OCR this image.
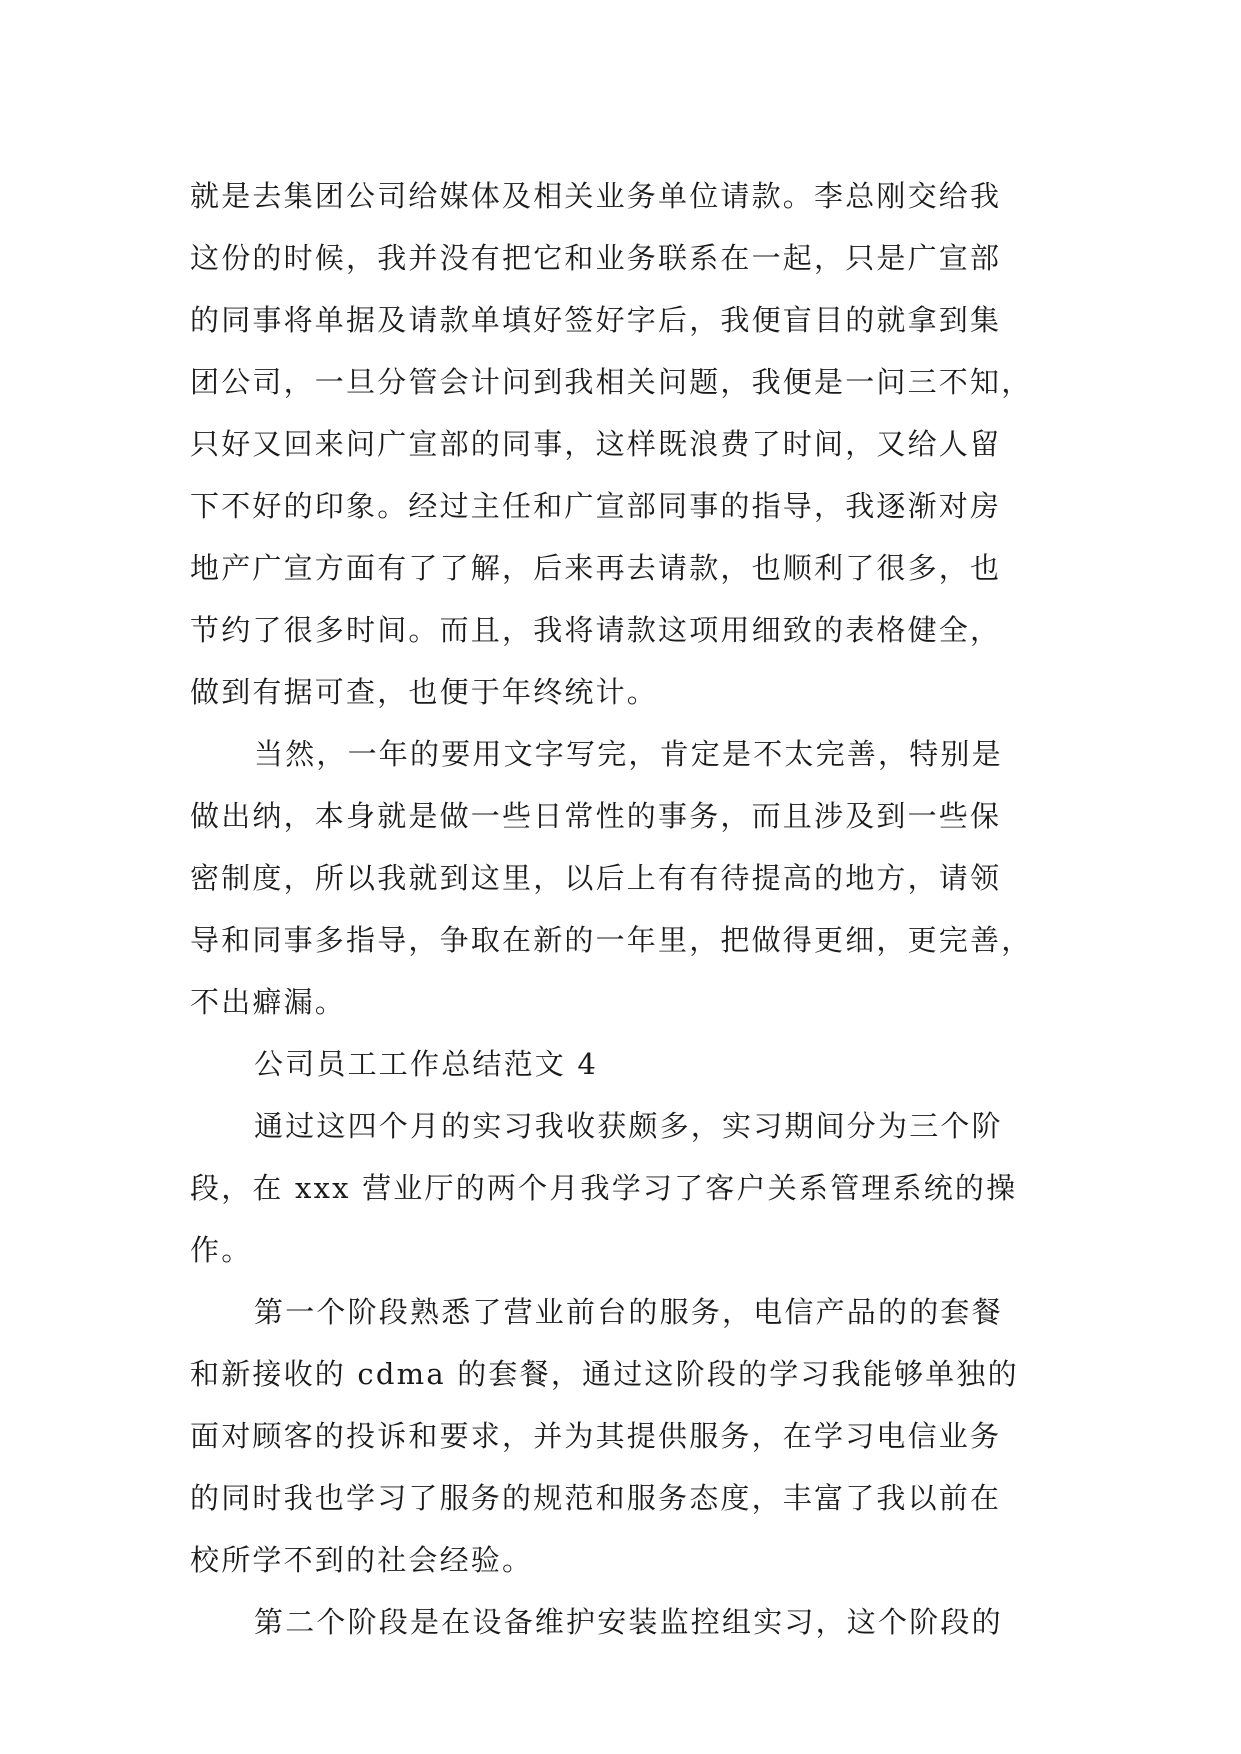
就是去集团公司给媒体及相关业务单位请款。李总刚交给我
这份的时候，我并没有把它和业务联系在一起，只是广宣部
的同事将单据及请款单填好签好字后，我便盲目的就拿到集
团公司，一旦分管会计问到我相关问题，我便是一问三不知，
只好又回来问广宣部的同事，这样既浪费了时间，又给人留
下不好的印象。经过主任和广宣部同事的指导，我逐渐对房
地产广宣方面有了了解，后来再去请款，也顺利了很多，也
节约了很多时间。而且，我将请款这项用细致的表格健全，
做到有据可查，也便于年终统计。
当然，一年的要用文字写完，肯定是不太完善，特别是
做出纳，本身就是做一些日常性的事务，而且涉及到一些保
密制度，所以我就到这里，以后上有有待提高的地方，请领
导和同事多指导，争取在新的一年里，把做得更细，更完善，
不出癖漏。
公司员工工作总结范文 4
通过这四个月的实习我收获颇多，实习期间分为三个阶
段，在 xxx 营业厅的两个月我学习了客户关系管理系统的操
作。
第一个阶段熟悉了营业前台的服务，电信产品的的套餐
和新接收的 cdma 的套餐，通过这阶段的学习我能够单独的
面对顾客的投诉和要求，并为其提供服务，在学习电信业务
的同时我也学习了服务的规范和服务态度，丰富了我以前在
校所学不到的社会经验。
第二个阶段是在设备维护安装监控组实习，这个阶段的
